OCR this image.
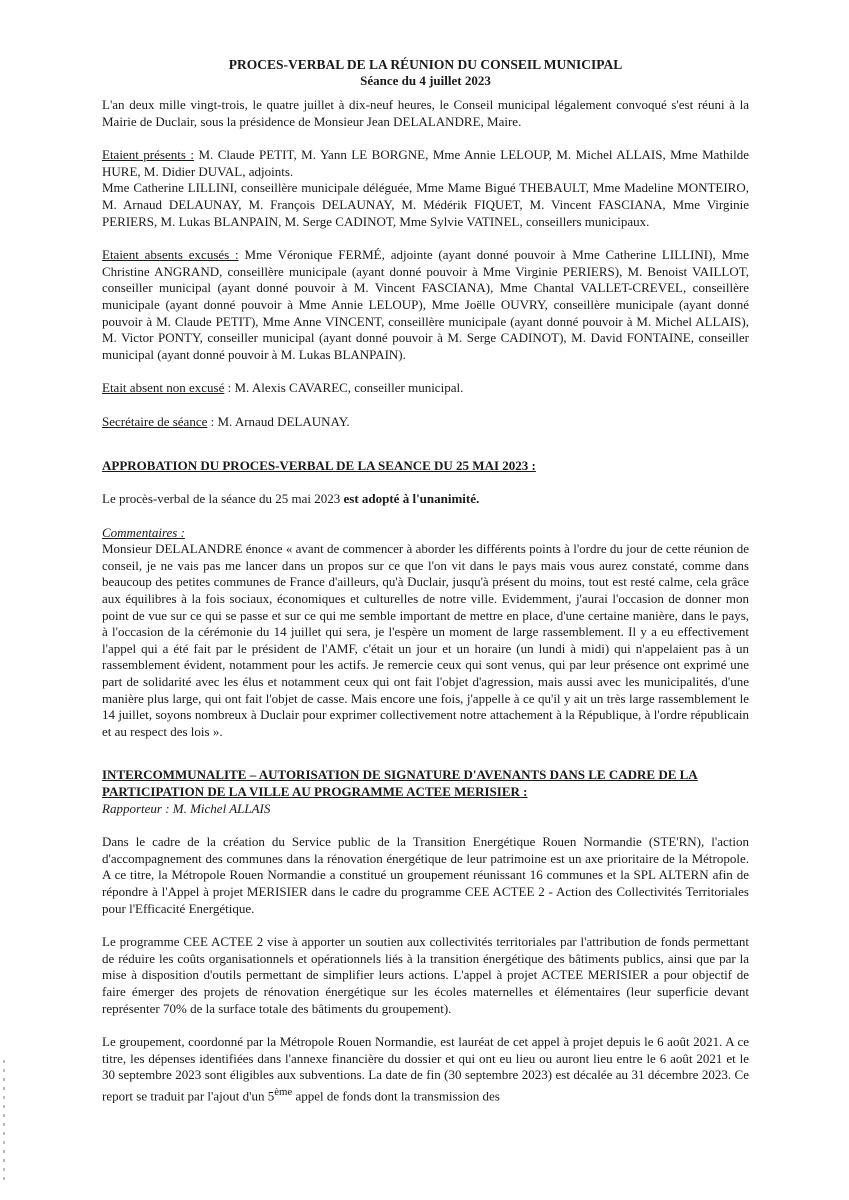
PROCES-VERBAL DE LA RÉUNION DU CONSEIL MUNICIPAL
Séance du 4 juillet 2023

L'an deux mille vingt-trois, le quatre juillet à dix-neuf heures, le Conseil municipal légalement convoqué s'est réuni à la Mairie de Duclair, sous la présidence de Monsieur Jean DELALANDRE, Maire.

Etaient présents : M. Claude PETIT, M. Yann LE BORGNE, Mme Annie LELOUP, M. Michel ALLAIS, Mme Mathilde HURE, M. Didier DUVAL, adjoints.

Mme Catherine LILLINI, conseillère municipale déléguée, Mme Mame Bigué THEBAULT, Mme Madeline MONTEIRO, M. Arnaud DELAUNAY, M. François DELAUNAY, M. Médérik FIQUET, M. Vincent FASCIANA, Mme Virginie PERIERS, M. Lukas BLANPAIN, M. Serge CADINOT, Mme Sylvie VATINEL, conseillers municipaux.

Etaient absents excusés : Mme Véronique FERMÉ, adjointe (ayant donné pouvoir à Mme Catherine LILLINI), Mme Christine ANGRAND, conseillère municipale (ayant donné pouvoir à Mme Virginie PERIERS), M. Benoist VAILLOT, conseiller municipal (ayant donné pouvoir à M. Vincent FASCIANA), Mme Chantal VALLET-CREVEL, conseillère municipale (ayant donné pouvoir à Mme Annie LELOUP), Mme Joëlle OUVRY, conseillère municipale (ayant donné pouvoir à M. Claude PETIT), Mme Anne VINCENT, conseillère municipale (ayant donné pouvoir à M. Michel ALLAIS), M. Victor PONTY, conseiller municipal (ayant donné pouvoir à M. Serge CADINOT), M. David FONTAINE, conseiller municipal (ayant donné pouvoir à M. Lukas BLANPAIN).

Etait absent non excusé : M. Alexis CAVAREC, conseiller municipal.

Secrétaire de séance : M. Arnaud DELAUNAY.

APPROBATION DU PROCES-VERBAL DE LA SEANCE DU 25 MAI 2023 :

Le procès-verbal de la séance du 25 mai 2023 est adopté à l'unanimité.

Commentaires :

Monsieur DELALANDRE énonce « avant de commencer à aborder les différents points à l'ordre du jour de cette réunion de conseil, je ne vais pas me lancer dans un propos sur ce que l'on vit dans le pays mais vous aurez constaté, comme dans beaucoup des petites communes de France d'ailleurs, qu'à Duclair, jusqu'à présent du moins, tout est resté calme, cela grâce aux équilibres à la fois sociaux, économiques et culturelles de notre ville. Evidemment, j'aurai l'occasion de donner mon point de vue sur ce qui se passe et sur ce qui me semble important de mettre en place, d'une certaine manière, dans le pays, à l'occasion de la cérémonie du 14 juillet qui sera, je l'espère un moment de large rassemblement. Il y a eu effectivement l'appel qui a été fait par le président de l'AMF, c'était un jour et un horaire (un lundi à midi) qui n'appelaient pas à un rassemblement évident, notamment pour les actifs. Je remercie ceux qui sont venus, qui par leur présence ont exprimé une part de solidarité avec les élus et notamment ceux qui ont fait l'objet d'agression, mais aussi avec les municipalités, d'une manière plus large, qui ont fait l'objet de casse. Mais encore une fois, j'appelle à ce qu'il y ait un très large rassemblement le 14 juillet, soyons nombreux à Duclair pour exprimer collectivement notre attachement à la République, à l'ordre républicain et au respect des lois ».

INTERCOMMUNALITE – AUTORISATION DE SIGNATURE D'AVENANTS DANS LE CADRE DE LA PARTICIPATION DE LA VILLE AU PROGRAMME ACTEE MERISIER :

Rapporteur : M. Michel ALLAIS

Dans le cadre de la création du Service public de la Transition Energétique Rouen Normandie (STE'RN), l'action d'accompagnement des communes dans la rénovation énergétique de leur patrimoine est un axe prioritaire de la Métropole. A ce titre, la Métropole Rouen Normandie a constitué un groupement réunissant 16 communes et la SPL ALTERN afin de répondre à l'Appel à projet MERISIER dans le cadre du programme CEE ACTEE 2 - Action des Collectivités Territoriales pour l'Efficacité Energétique.

Le programme CEE ACTEE 2 vise à apporter un soutien aux collectivités territoriales par l'attribution de fonds permettant de réduire les coûts organisationnels et opérationnels liés à la transition énergétique des bâtiments publics, ainsi que par la mise à disposition d'outils permettant de simplifier leurs actions. L'appel à projet ACTEE MERISIER a pour objectif de faire émerger des projets de rénovation énergétique sur les écoles maternelles et élémentaires (leur superficie devant représenter 70% de la surface totale des bâtiments du groupement).

Le groupement, coordonné par la Métropole Rouen Normandie, est lauréat de cet appel à projet depuis le 6 août 2021. A ce titre, les dépenses identifiées dans l'annexe financière du dossier et qui ont eu lieu ou auront lieu entre le 6 août 2021 et le 30 septembre 2023 sont éligibles aux subventions. La date de fin (30 septembre 2023) est décalée au 31 décembre 2023. Ce report se traduit par l'ajout d'un 5ème appel de fonds dont la transmission des
